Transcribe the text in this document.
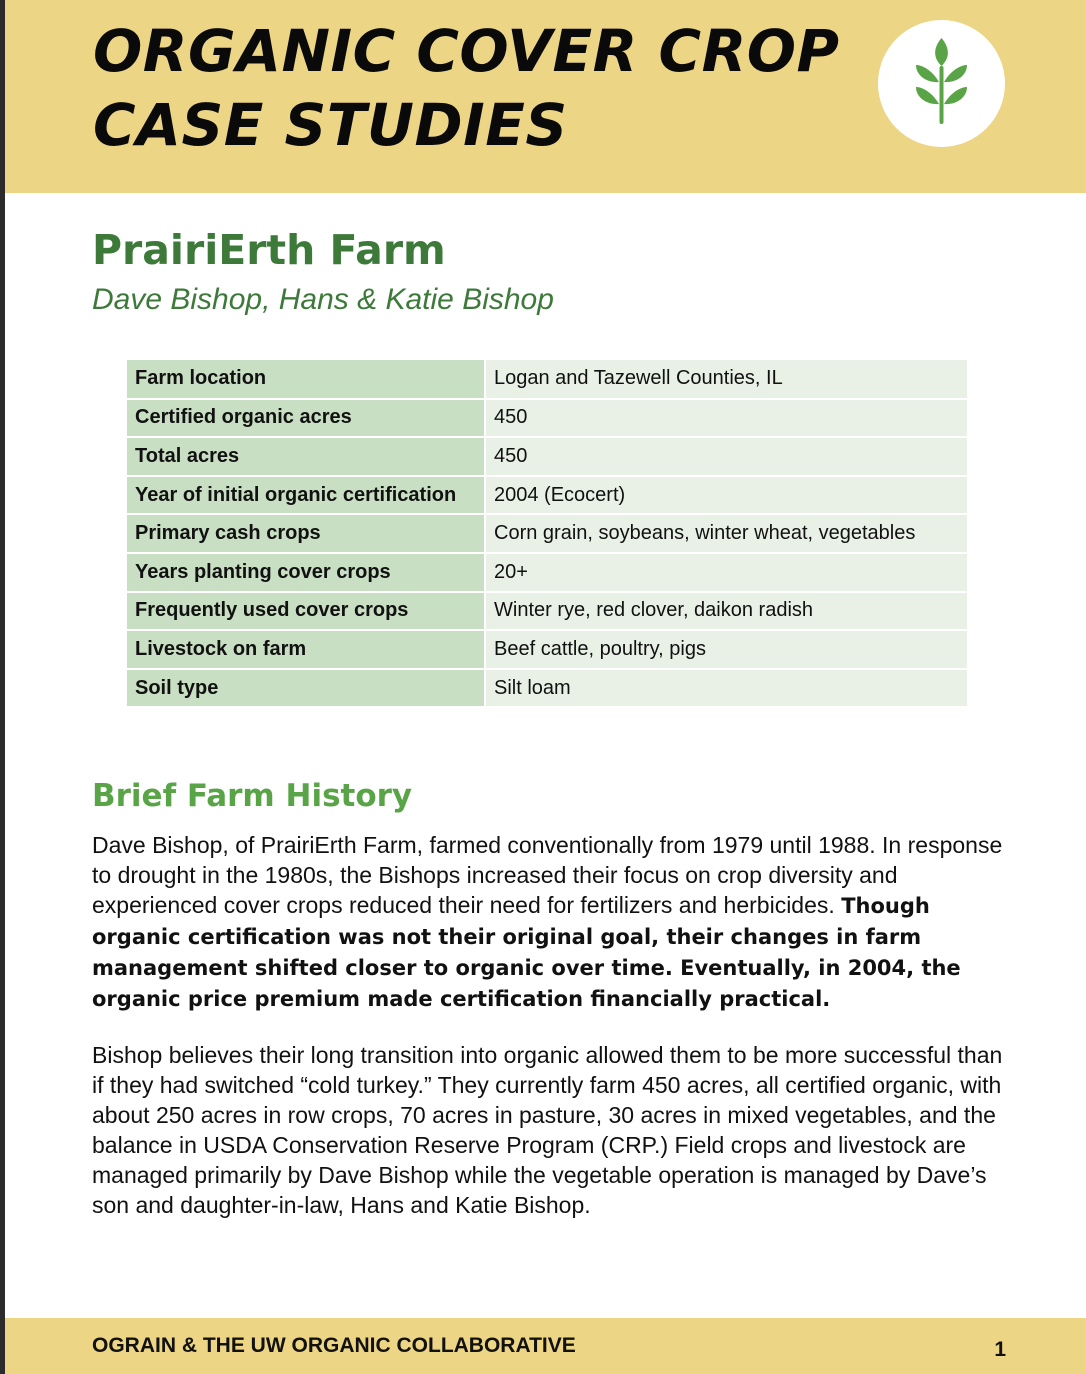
ORGANIC COVER CROP
CASE STUDIES
PrairiErth Farm

Dave Bishop, Hans & Katie Bishop

Farm location	Logan and Tazewell Counties, IL
Certified organic acres	450
Total acres	450
Year of initial organic certification	2004 (Ecocert)
Primary cash crops	Corn grain, soybeans, winter wheat, vegetables
Years planting cover crops	20+
Frequently used cover crops	Winter rye, red clover, daikon radish
Livestock on farm	Beef cattle, poultry, pigs
Soil type	Silt loam
Brief Farm History

Dave Bishop, of PrairiErth Farm, farmed conventionally from 1979 until 1988. In response to drought in the 1980s, the Bishops increased their focus on crop diversity and experienced cover crops reduced their need for fertilizers and herbicides. Though organic certification was not their original goal, their changes in farm management shifted closer to organic over time. Eventually, in 2004, the organic price premium made certification financially practical.

Bishop believes their long transition into organic allowed them to be more successful than if they had switched “cold turkey.” They currently farm 450 acres, all certified organic, with about 250 acres in row crops, 70 acres in pasture, 30 acres in mixed vegetables, and the balance in USDA Conservation Reserve Program (CRP.) Field crops and livestock are managed primarily by Dave Bishop while the vegetable operation is managed by Dave’s son and daughter-in-law, Hans and Katie Bishop.

OGRAIN & THE UW ORGANIC COLLABORATIVE	1
